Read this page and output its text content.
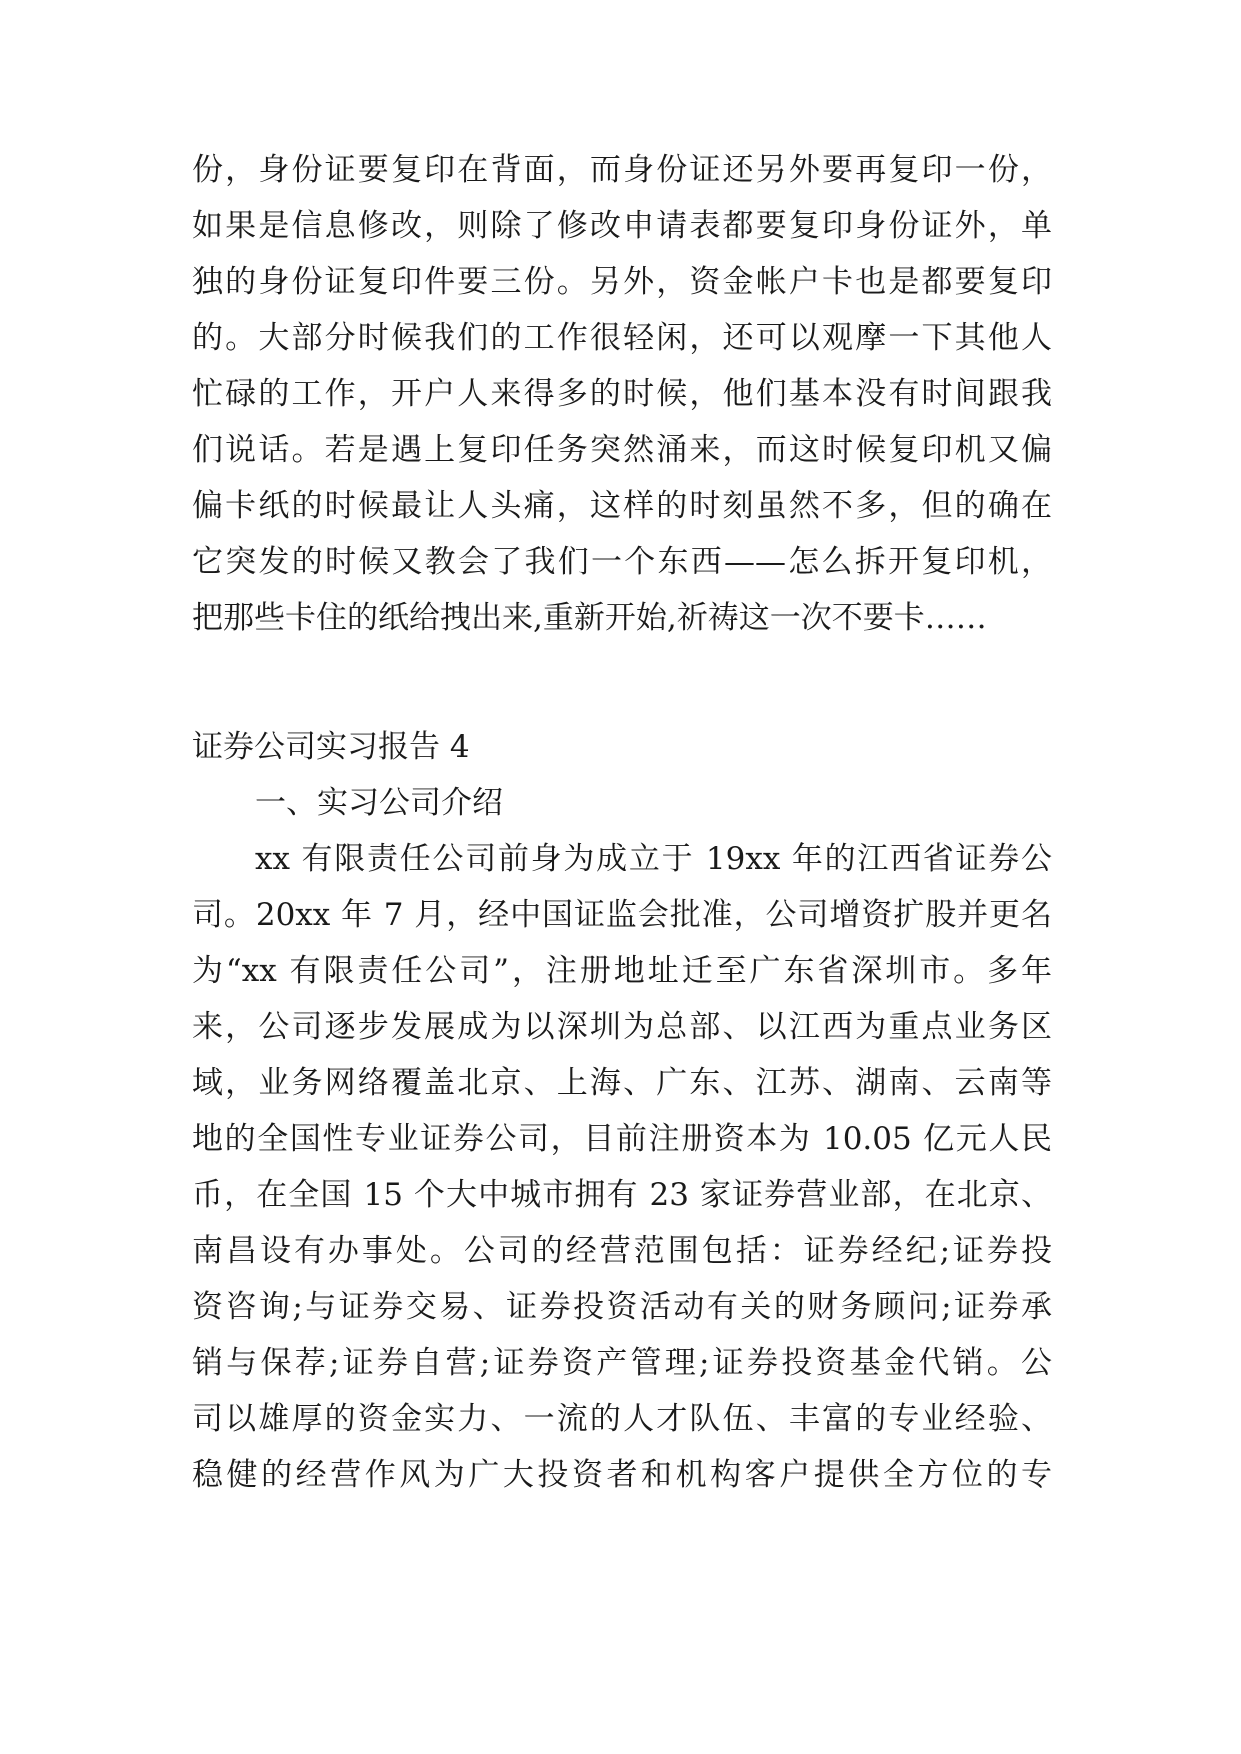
份，身份证要复印在背面，而身份证还另外要再复印一份，
如果是信息修改，则除了修改申请表都要复印身份证外，单
独的身份证复印件要三份。另外，资金帐户卡也是都要复印
的。大部分时候我们的工作很轻闲，还可以观摩一下其他人
忙碌的工作，开户人来得多的时候，他们基本没有时间跟我
们说话。若是遇上复印任务突然涌来，而这时候复印机又偏
偏卡纸的时候最让人头痛，这样的时刻虽然不多，但的确在
它突发的时候又教会了我们一个东西——怎么拆开复印机，
把那些卡住的纸给拽出来,重新开始,祈祷这一次不要卡……
证券公司实习报告 4
一、实习公司介绍
xx 有限责任公司前身为成立于 19xx 年的江西省证券公
司。20xx 年 7 月，经中国证监会批准，公司增资扩股并更名
为“xx 有限责任公司”，注册地址迁至广东省深圳市。多年
来，公司逐步发展成为以深圳为总部、以江西为重点业务区
域，业务网络覆盖北京、上海、广东、江苏、湖南、云南等
地的全国性专业证券公司，目前注册资本为 10.05 亿元人民
币，在全国 15 个大中城市拥有 23 家证券营业部，在北京、
南昌设有办事处。公司的经营范围包括：证券经纪;证券投
资咨询;与证券交易、证券投资活动有关的财务顾问;证券承
销与保荐;证券自营;证券资产管理;证券投资基金代销。公
司以雄厚的资金实力、一流的人才队伍、丰富的专业经验、
稳健的经营作风为广大投资者和机构客户提供全方位的专
